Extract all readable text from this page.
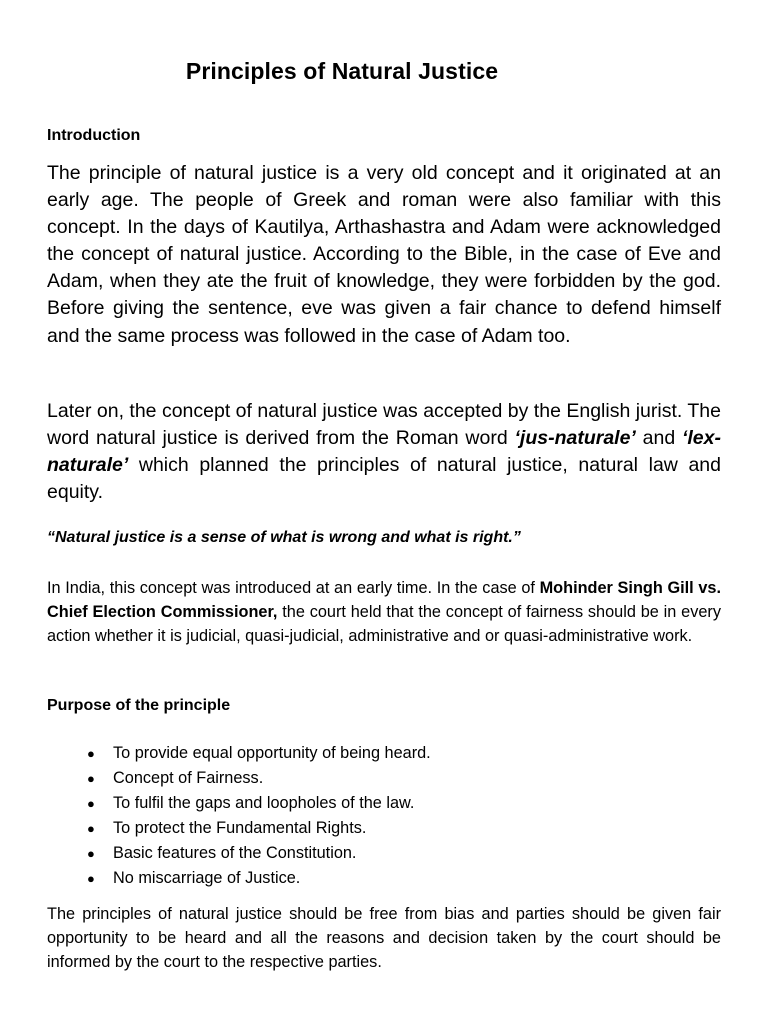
Principles of Natural Justice
Introduction

The principle of natural justice is a very old concept and it originated at an early age. The people of Greek and roman were also familiar with this concept. In the days of Kautilya, Arthashastra and Adam were acknowledged the concept of natural justice. According to the Bible, in the case of Eve and Adam, when they ate the fruit of knowledge, they were forbidden by the god. Before giving the sentence, eve was given a fair chance to defend himself and the same process was followed in the case of Adam too.

Later on, the concept of natural justice was accepted by the English jurist. The word natural justice is derived from the Roman word ‘jus-naturale’ and ‘lex-naturale’ which planned the principles of natural justice, natural law and equity.

“Natural justice is a sense of what is wrong and what is right.”

In India, this concept was introduced at an early time. In the case of Mohinder Singh Gill vs. Chief Election Commissioner, the court held that the concept of fairness should be in every action whether it is judicial, quasi-judicial, administrative and or quasi-administrative work.

Purpose of the principle
●	To provide equal opportunity of being heard.
●	Concept of Fairness.
●	To fulfil the gaps and loopholes of the law.
●	To protect the Fundamental Rights.
●	Basic features of the Constitution.
●	No miscarriage of Justice.

The principles of natural justice should be free from bias and parties should be given fair opportunity to be heard and all the reasons and decision taken by the court should be informed by the court to the respective parties.
